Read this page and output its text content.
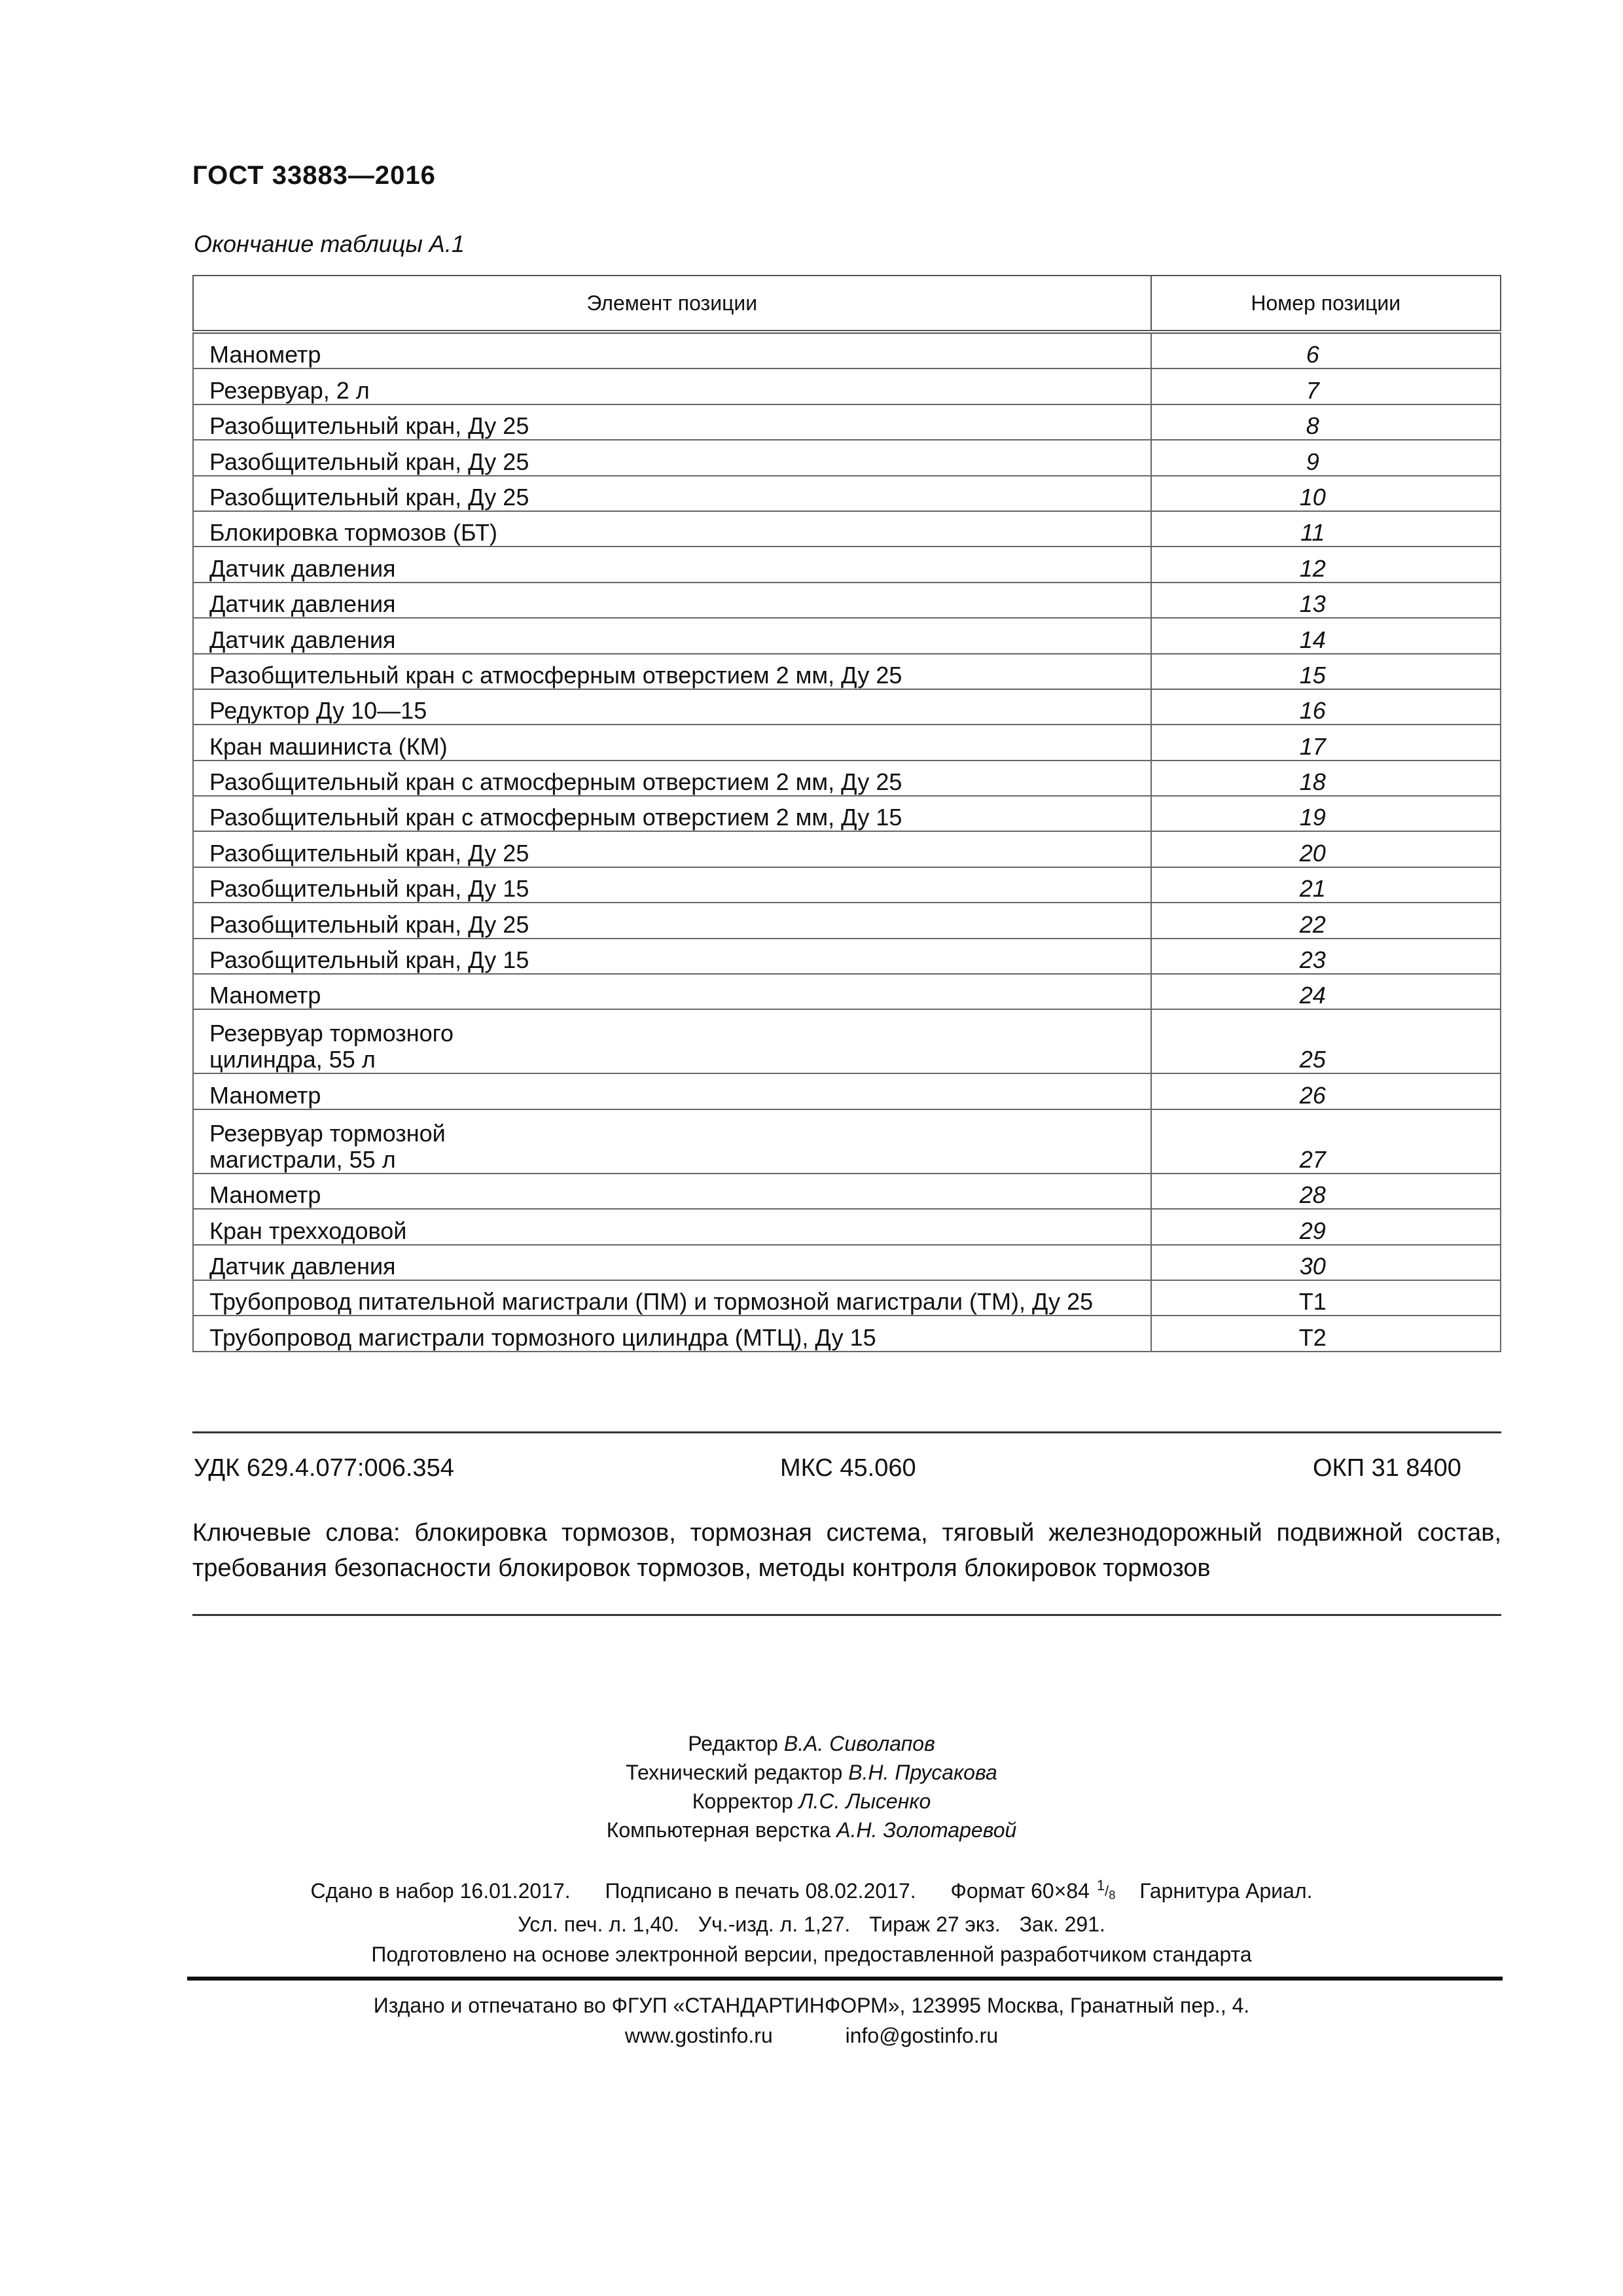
ГОСТ 33883—2016
Окончание таблицы А.1
Элемент позиции	Номер позиции
Манометр	6
Резервуар, 2 л	7
Разобщительный кран, Ду 25	8
Разобщительный кран, Ду 25	9
Разобщительный кран, Ду 25	10
Блокировка тормозов (БТ)	11
Датчик давления	12
Датчик давления	13
Датчик давления	14
Разобщительный кран с атмосферным отверстием 2 мм, Ду 25	15
Редуктор Ду 10—15	16
Кран машиниста (КМ)	17
Разобщительный кран с атмосферным отверстием 2 мм, Ду 25	18
Разобщительный кран с атмосферным отверстием 2 мм, Ду 15	19
Разобщительный кран, Ду 25	20
Разобщительный кран, Ду 15	21
Разобщительный кран, Ду 25	22
Разобщительный кран, Ду 15	23
Манометр	24

Резервуар тормозного
цилиндра, 55 л	25
Манометр	26

Резервуар тормозной
магистрали, 55 л	27
Манометр	28
Кран трехходовой	29
Датчик давления	30
Трубопровод питательной магистрали (ПМ) и тормозной магистрали (ТМ), Ду 25	Т1
Трубопровод магистрали тормозного цилиндра (МТЦ), Ду 15	Т2
УДК 629.4.077:006.354	МКС 45.060	ОКП 31 8400
Ключевые слова: блокировка тормозов, тормозная система, тяговый железнодорожный подвижной состав, требования безопасности блокировок тормозов, методы контроля блокировок тормозов
Редактор В.А. Сиволапов
Технический редактор В.Н. Прусакова
Корректор Л.С. Лысенко
Компьютерная верстка А.Н. Золотаревой
Сдано в набор 16.01.2017. Подписано в печать 08.02.2017. Формат 60×84 $^1/_8$ Гарнитура Ариал.
Усл. печ. л. 1,40. Уч.-изд. л. 1,27. Тираж 27 экз. Зак. 291.
Подготовлено на основе электронной версии, предоставленной разработчиком стандарта
Издано и отпечатано во ФГУП «СТАНДАРТИНФОРМ», 123995 Москва, Гранатный пер., 4.
www.gostinfo.ru	info@gostinfo.ru
